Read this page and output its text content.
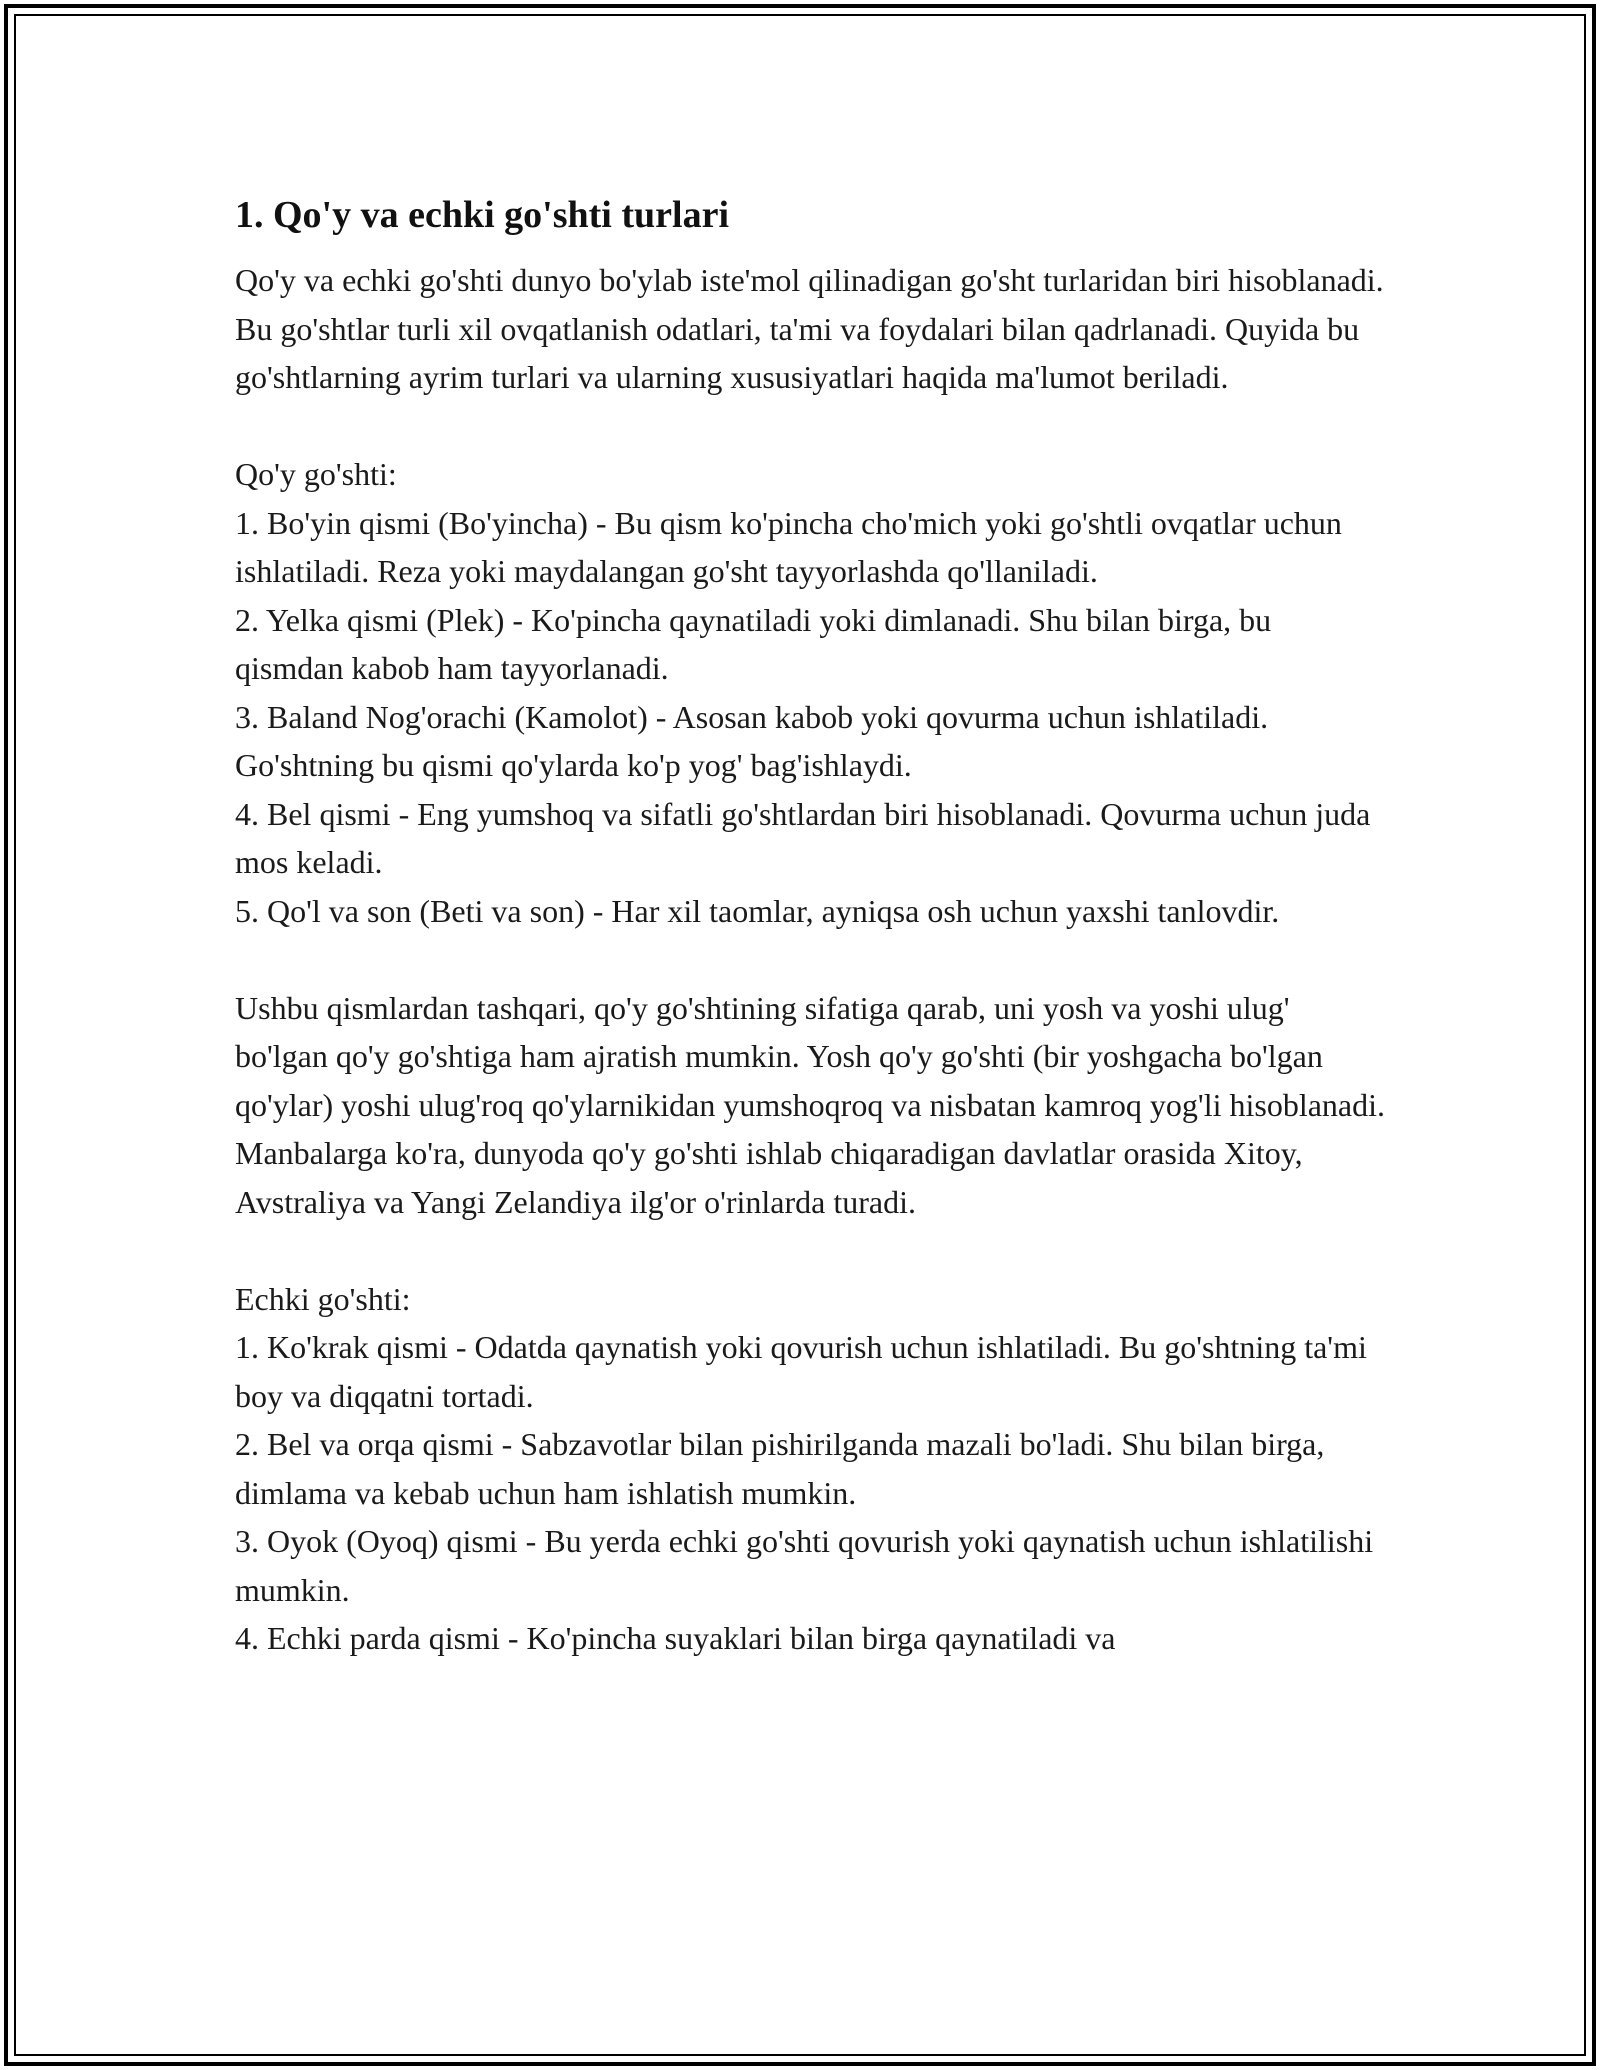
1. Qo'y va echki go'shti turlari

Qo'y va echki go'shti dunyo bo'ylab iste'mol qilinadigan go'sht turlaridan biri hisoblanadi. Bu go'shtlar turli xil ovqatlanish odatlari, ta'mi va foydalari bilan qadrlanadi. Quyida bu go'shtlarning ayrim turlari va ularning xususiyatlari haqida ma'lumot beriladi.

Qo'y go'shti:

1. Bo'yin qismi (Bo'yincha) - Bu qism ko'pincha cho'mich yoki go'shtli ovqatlar uchun ishlatiladi. Reza yoki maydalangan go'sht tayyorlashda qo'llaniladi.

2. Yelka qismi (Plek) - Ko'pincha qaynatiladi yoki dimlanadi. Shu bilan birga, bu qismdan kabob ham tayyorlanadi.

3. Baland Nog'orachi (Kamolot) - Asosan kabob yoki qovurma uchun ishlatiladi. Go'shtning bu qismi qo'ylarda ko'p yog' bag'ishlaydi.

4. Bel qismi - Eng yumshoq va sifatli go'shtlardan biri hisoblanadi. Qovurma uchun juda mos keladi.

5. Qo'l va son (Beti va son) - Har xil taomlar, ayniqsa osh uchun yaxshi tanlovdir.

Ushbu qismlardan tashqari, qo'y go'shtining sifatiga qarab, uni yosh va yoshi ulug' bo'lgan qo'y go'shtiga ham ajratish mumkin. Yosh qo'y go'shti (bir yoshgacha bo'lgan qo'ylar) yoshi ulug'roq qo'ylarnikidan yumshoqroq va nisbatan kamroq yog'li hisoblanadi. Manbalarga ko'ra, dunyoda qo'y go'shti ishlab chiqaradigan davlatlar orasida Xitoy, Avstraliya va Yangi Zelandiya ilg'or o'rinlarda turadi.

Echki go'shti:

1. Ko'krak qismi - Odatda qaynatish yoki qovurish uchun ishlatiladi. Bu go'shtning ta'mi boy va diqqatni tortadi.

2. Bel va orqa qismi - Sabzavotlar bilan pishirilganda mazali bo'ladi. Shu bilan birga, dimlama va kebab uchun ham ishlatish mumkin.

3. Oyok (Oyoq) qismi - Bu yerda echki go'shti qovurish yoki qaynatish uchun ishlatilishi mumkin.

4. Echki parda qismi - Ko'pincha suyaklari bilan birga qaynatiladi va
